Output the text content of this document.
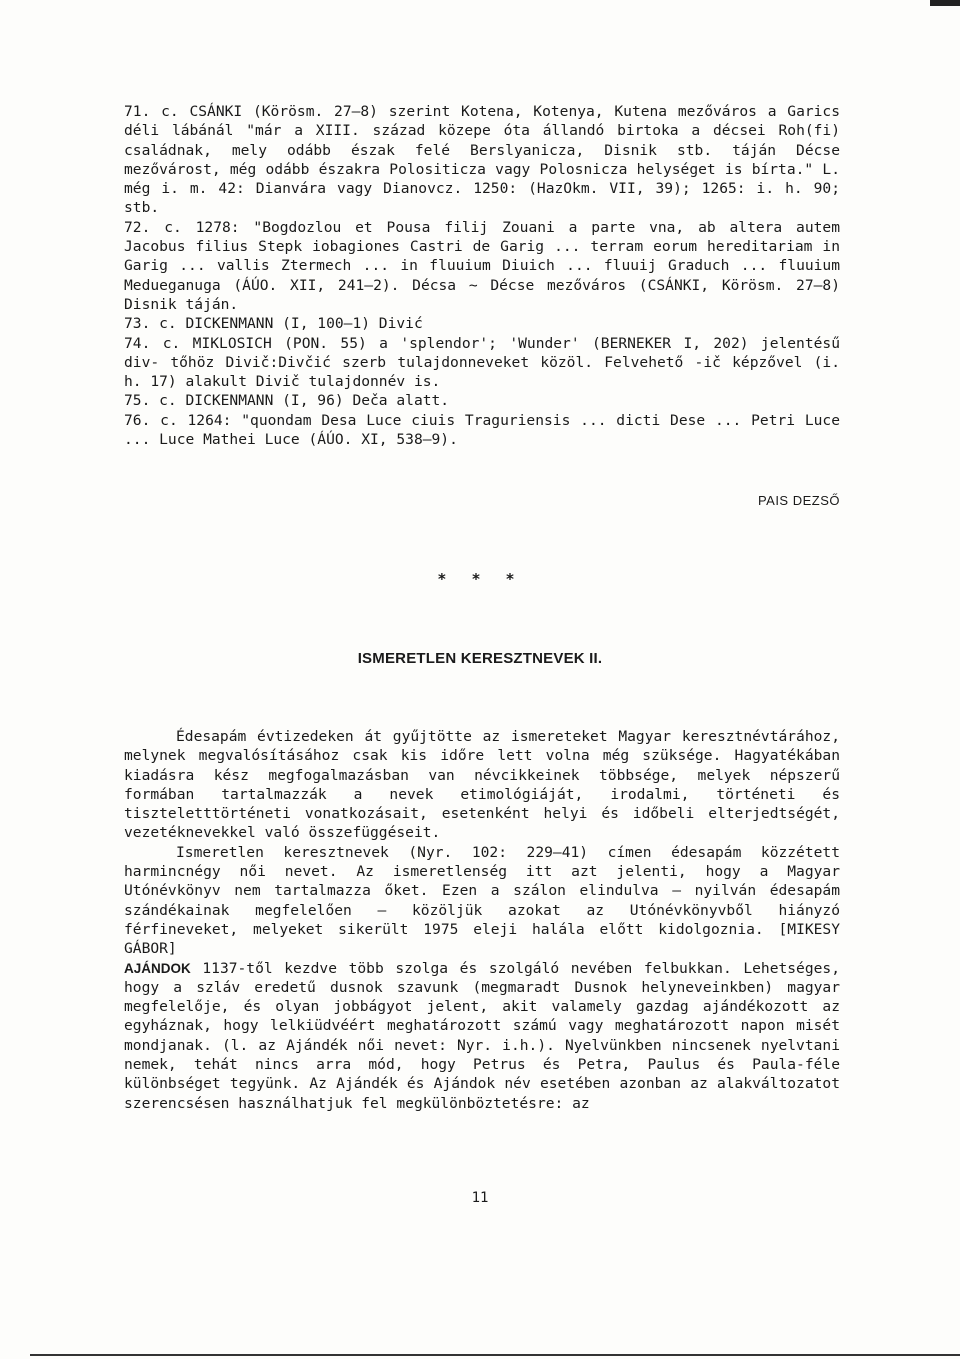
71. c. CSÁNKI (Körösm. 27–8) szerint Kotena, Kotenya, Kutena mezőváros a Garics déli lábánál "már a XIII. század közepe óta állandó birtoka a décsei Roh(fi) családnak, mely odább észak felé Berslyanicza, Disnik stb. táján Décse mezővárost, még odább északra Polositicza vagy Polosnicza helységet is bírta." L. még i. m. 42: Dianvára vagy Dianovcz. 1250: (HazOkm. VII, 39); 1265: i. h. 90; stb.

72. c. 1278: "Bogdozlou et Pousa filij Zouani a parte vna, ab altera autem Jacobus filius Stepk iobagiones Castri de Garig ... terram eorum hereditariam in Garig ... vallis Ztermech ... in fluuium Diuich ... fluuij Graduch ... fluuium Medueganuga (ÁÚO. XII, 241–2). Décsa ~ Décse mezőváros (CSÁNKI, Körösm. 27–8) Disnik táján.

73. c. DICKENMANN (I, 100–1) Divić

74. c. MIKLOSICH (PON. 55) a 'splendor'; 'Wunder' (BERNEKER I, 202) jelentésű div- tőhöz Divič:Divčić szerb tulajdonneveket közöl. Felvehető -ič képzővel (i. h. 17) alakult Divič tulajdonnév is.

75. c. DICKENMANN (I, 96) Deča alatt.

76. c. 1264: "quondam Desa Luce ciuis Traguriensis ... dicti Dese ... Petri Luce ... Luce Mathei Luce (ÁÚO. XI, 538–9).

PAIS DEZSŐ
* * *
ISMERETLEN KERESZTNEVEK II.

Édesapám évtizedeken át gyűjtötte az ismereteket Magyar keresztnévtárához, melynek megvalósításához csak kis időre lett volna még szüksége. Hagyatékában kiadásra kész megfogalmazásban van névcikkeinek többsége, melyek népszerű formában tartalmazzák a nevek etimológiáját, irodalmi, történeti és tiszteletttörténeti vonatkozásait, esetenként helyi és időbeli elterjedtségét, vezetéknevekkel való összefüggéseit.

Ismeretlen keresztnevek (Nyr. 102: 229–41) címen édesapám közzétett harmincnégy női nevet. Az ismeretlenség itt azt jelenti, hogy a Magyar Utónévkönyv nem tartalmazza őket. Ezen a szálon elindulva – nyilván édesapám szándékainak megfelelően – közöljük azokat az Utónévkönyvből hiányzó férfineveket, melyeket sikerült 1975 eleji halála előtt kidolgoznia. [MIKESY GÁBOR]

AJÁNDOK 1137-től kezdve több szolga és szolgáló nevében felbukkan. Lehetséges, hogy a szláv eredetű dusnok szavunk (megmaradt Dusnok helyneveinkben) magyar megfelelője, és olyan jobbágyot jelent, akit valamely gazdag ajándékozott az egyháznak, hogy lelkiüdvéért meghatározott számú vagy meghatározott napon misét mondjanak. (l. az Ajándék női nevet: Nyr. i.h.). Nyelvünkben nincsenek nyelvtani nemek, tehát nincs arra mód, hogy Petrus és Petra, Paulus és Paula-féle különbséget tegyünk. Az Ajándék és Ajándok név esetében azonban az alakváltozatot szerencsésen használhatjuk fel megkülönböztetésre: az

11
